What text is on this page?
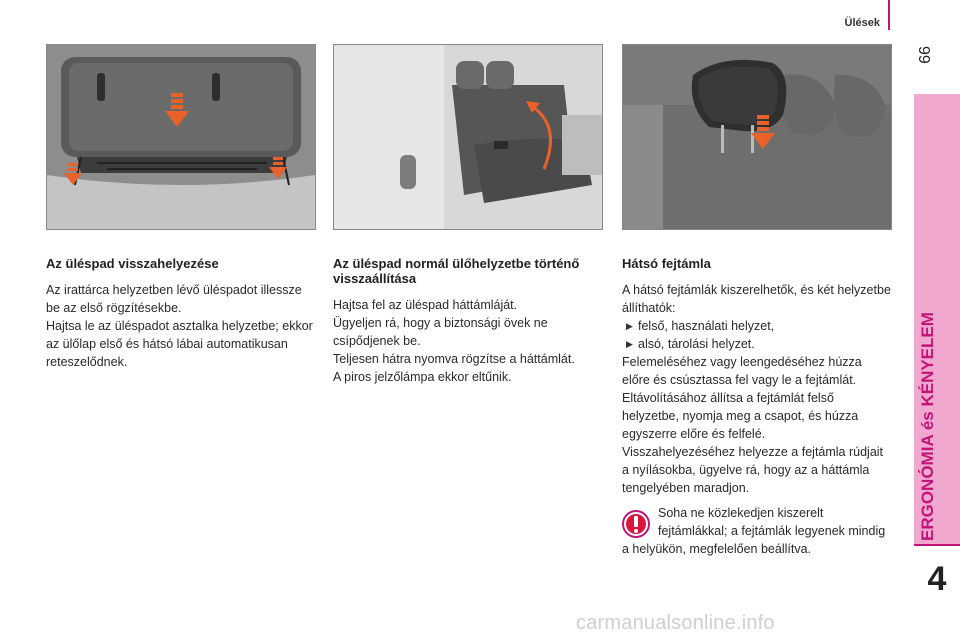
Ülések
99
ERGONÓMIA és KÉNYELEM
4
Az üléspad visszahelyezése

Az irattárca helyzetben lévő üléspadot illessze be az első rögzítésekbe.

Hajtsa le az üléspadot asztalka helyzetbe; ekkor az ülőlap első és hátsó lábai automatikusan reteszelődnek.

Az üléspad normál ülőhelyzetbe történő visszaállítása

Hajtsa fel az üléspad háttámláját.

Ügyeljen rá, hogy a biztonsági övek ne csípődjenek be.

Teljesen hátra nyomva rögzítse a háttámlát.

A piros jelzőlámpa ekkor eltűnik.

Hátsó fejtámla

A hátsó fejtámlák kiszerelhetők, és két helyzetbe állíthatók:

▶ felső, használati helyzet,
▶ alsó, tárolási helyzet.

Felemeléséhez vagy leengedéséhez húzza előre és csúsztassa fel vagy le a fejtámlát.

Eltávolításához állítsa a fejtámlát felső helyzetbe, nyomja meg a csapot, és húzza egyszerre előre és felfelé.

Visszahelyezéséhez helyezze a fejtámla rúdjait a nyílásokba, ügyelve rá, hogy az a háttámla tengelyében maradjon.

Soha ne közlekedjen kiszerelt fejtámlákkal; a fejtámlák legyenek mindig a helyükön, megfelelően beállítva.
carmanualsonline.info
